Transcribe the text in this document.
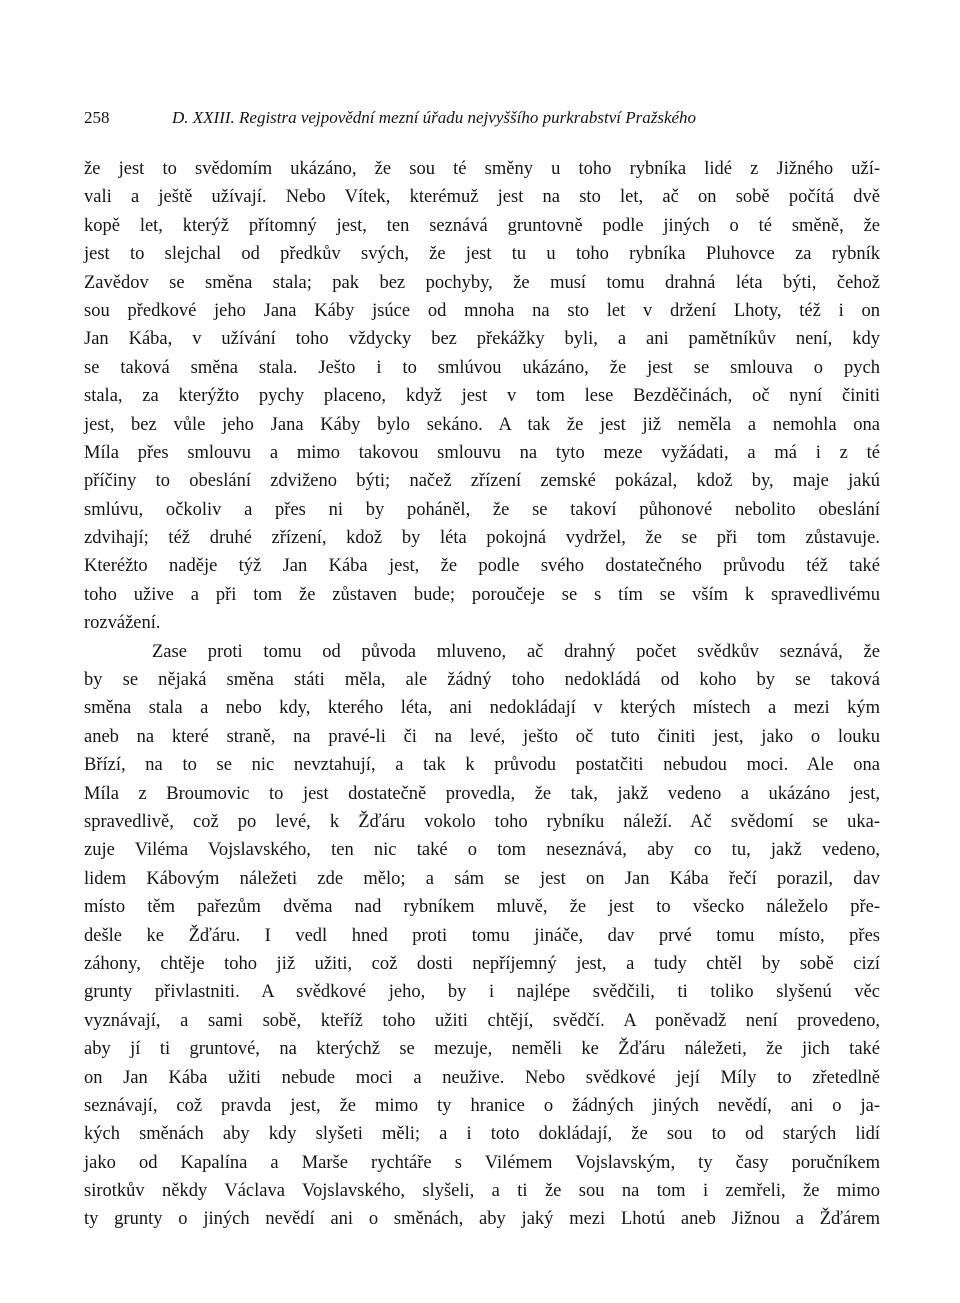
258	D. XXIII. Registra vejpovědní mezní úřadu nejvyššího purkrabství Pražského
že jest to svědomím ukázáno, že sou té směny u toho rybníka lidé z Jižného uží-
vali a ještě užívají. Nebo Vítek, kterémuž jest na sto let, ač on sobě počítá dvě
kopě let, kterýž přítomný jest, ten seznává gruntovně podle jiných o té směně, že
jest to slejchal od předkův svých, že jest tu u toho rybníka Pluhovce za rybník
Zavědov se směna stala; pak bez pochyby, že musí tomu drahná léta býti, čehož
sou předkové jeho Jana Káby jsúce od mnoha na sto let v držení Lhoty, též i on
Jan Kába, v užívání toho vždycky bez překážky byli, a ani pamětníkův není, kdy
se taková směna stala. Ješto i to smlúvou ukázáno, že jest se smlouva o pych
stala, za kterýžto pychy placeno, když jest v tom lese Bezděčinách, oč nyní činiti
jest, bez vůle jeho Jana Káby bylo sekáno. A tak že jest již neměla a nemohla ona
Míla přes smlouvu a mimo takovou smlouvu na tyto meze vyžádati, a má i z té
příčiny to obeslání zdviženo býti; načež zřízení zemské pokázal, kdož by, maje jakú
smlúvu, očkoliv a přes ni by poháněl, že se takoví půhonové nebolito obeslání
zdvihají; též druhé zřízení, kdož by léta pokojná vydržel, že se při tom zůstavuje.
Kteréžto naděje týž Jan Kába jest, že podle svého dostatečného průvodu též také
toho uživе a při tom že zůstaven bude; poroučeje se s tím se vším k spravedlivému
rozvážení.
Zase proti tomu od původa mluveno, ač drahný počet svědkův seznává, že
by se nějaká směna státi měla, ale žádný toho nedokládá od koho by se taková
směna stala a nebo kdy, kterého léta, ani nedokládají v kterých místech a mezi kým
aneb na které straně, na pravé-li či na levé, ješto oč tuto činiti jest, jako o louku
Břízí, na to se nic nevztahují, a tak k průvodu postatčiti nebudou moci. Ale ona
Míla z Broumovic to jest dostatečně provedla, že tak, jakž vedeno a ukázáno jest,
spravedlivě, což po levé, k Žďáru vokolo toho rybníku náleží. Ač svědomí se uka-
zuje Viléma Vojslavského, ten nic také o tom neseznává, aby co tu, jakž vedeno,
lidem Kábovým náležeti zde mělo; a sám se jest on Jan Kába řečí porazil, dav
místo těm pařezům dvěma nad rybníkem mluvě, že jest to všecko náleželo pře-
dešle ke Žďáru. I vedl hned proti tomu jináče, dav prvé tomu místo, přes
záhony, chtěje toho již užiti, což dosti nepříjemný jest, a tudy chtěl by sobě cizí
grunty přivlastniti. A svědkové jeho, by i najlépe svědčili, ti toliko slyšenú věc
vyznávají, a sami sobě, kteříž toho užiti chtějí, svědčí. A poněvadž není provedeno,
aby jí ti gruntové, na kterýchž se mezuje, neměli ke Žďáru náležeti, že jich také
on Jan Kába užiti nebude moci a neužive. Nebo svědkové její Míly to zřetedlně
seznávají, což pravda jest, že mimo ty hranice o žádných jiných nevědí, ani o ja-
kých směnách aby kdy slyšeti měli; a i toto dokládají, že sou to od starých lidí
jako od Kapalína a Marše rychtáře s Vilémem Vojslavským, ty časy poručníkem
sirotkův někdy Václava Vojslavského, slyšeli, a ti že sou na tom i zemřeli, že mimo
ty grunty o jiných nevědí ani o směnách, aby jaký mezi Lhotú aneb Jižnou a Žďárem
